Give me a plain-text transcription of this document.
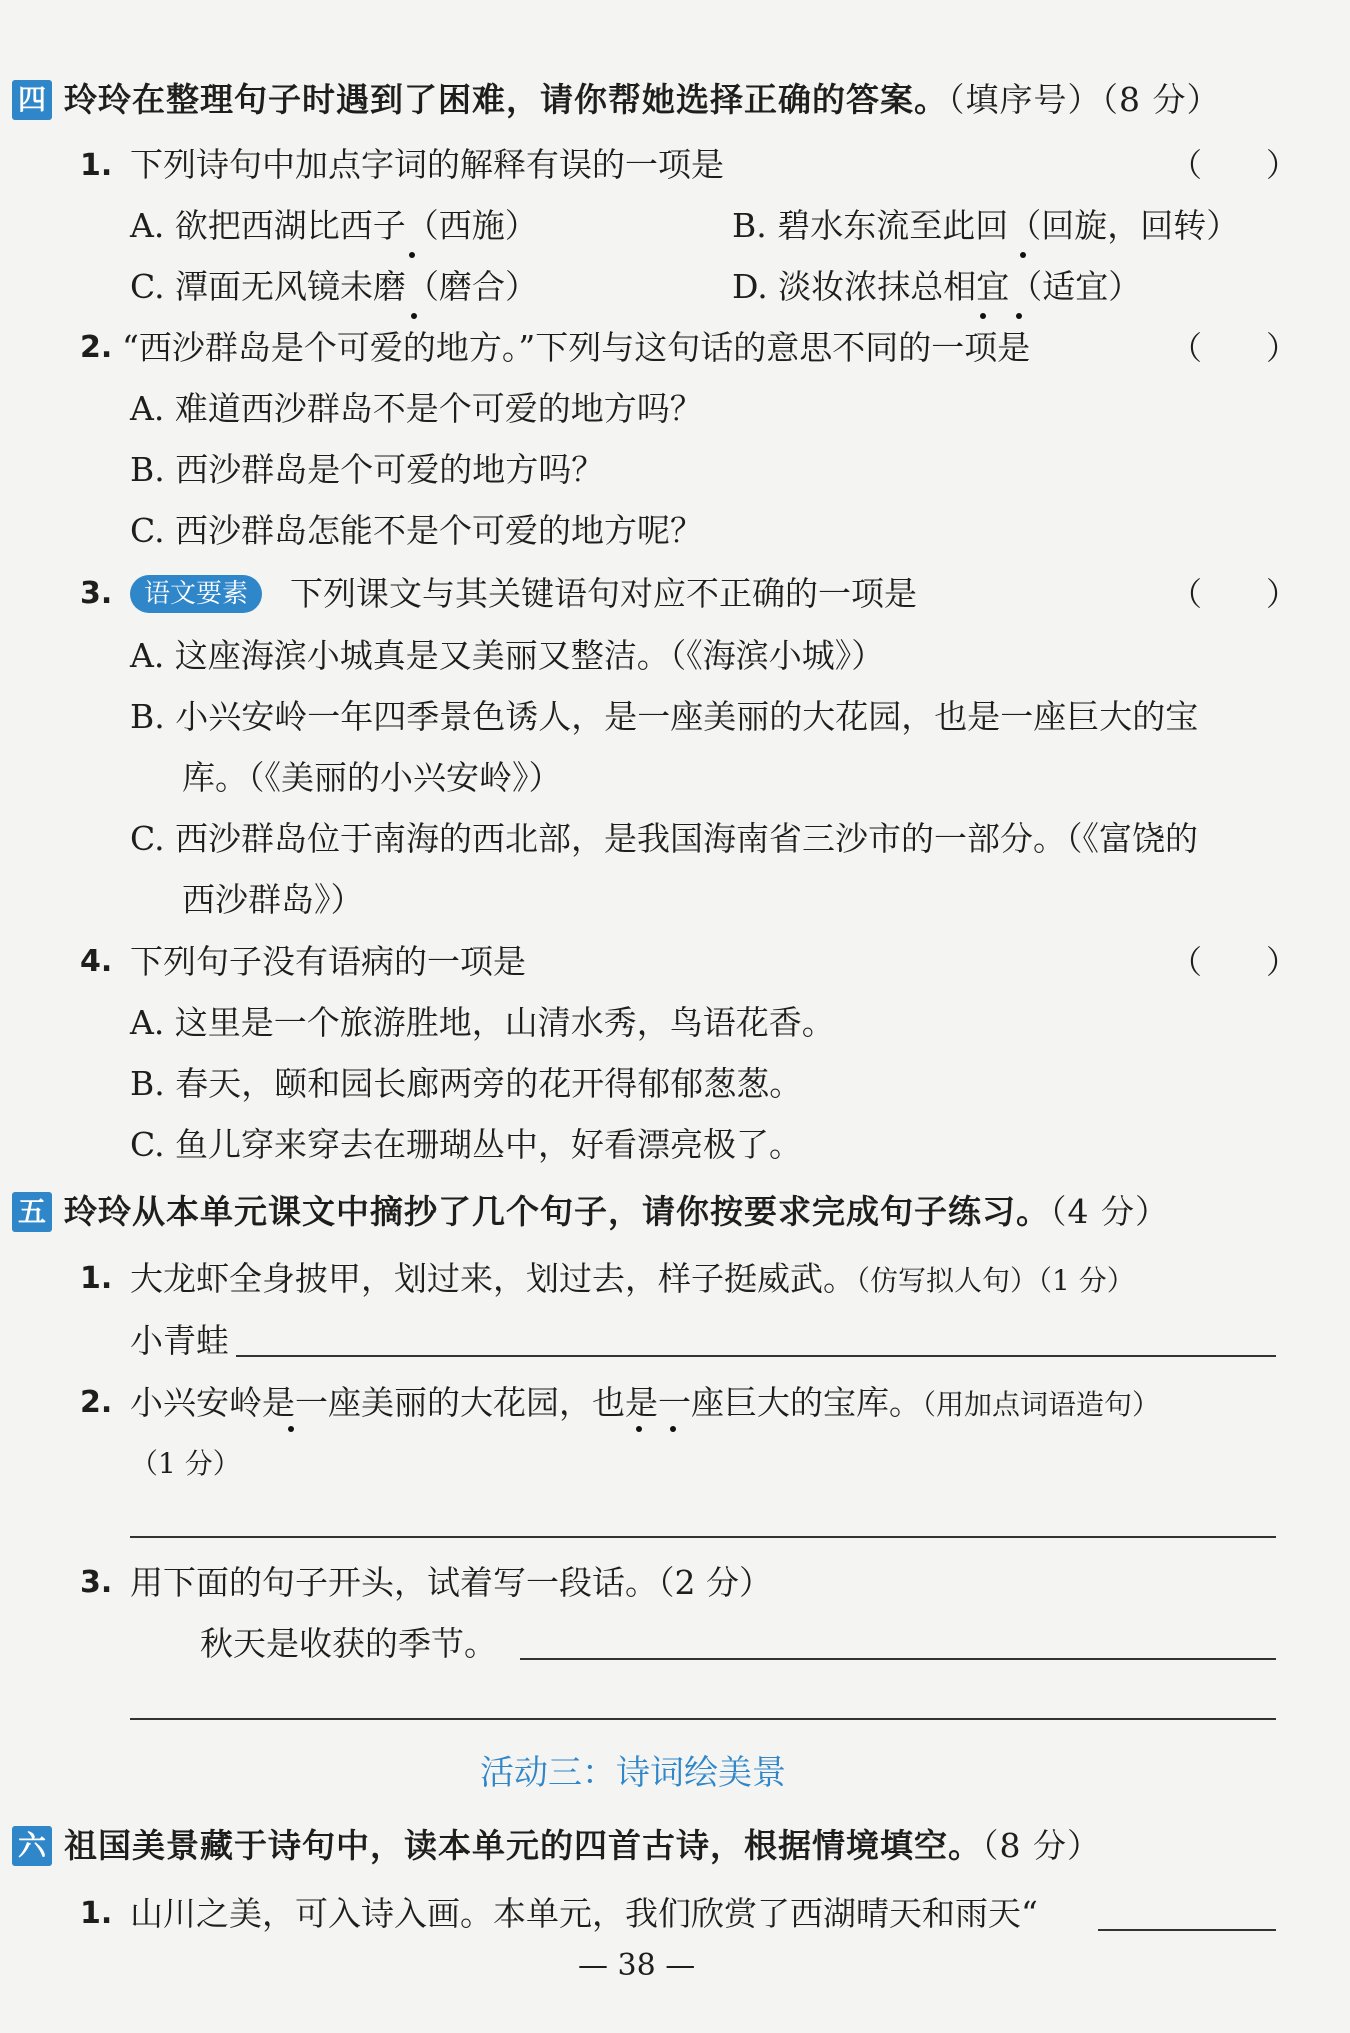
四 玲玲在整理句子时遇到了困难，请你帮她选择正确的答案。（填序号）（8 分）
1. 下列诗句中加点字词的解释有误的一项是	（　　）
A. 欲把西湖比西子（西施）	B. 碧水东流至此回（回旋，回转）
C. 潭面无风镜未磨（磨合）	D. 淡妆浓抹总相宜（适宜）
2. “西沙群岛是个可爱的地方。”下列与这句话的意思不同的一项是	（　　）
A. 难道西沙群岛不是个可爱的地方吗？
B. 西沙群岛是个可爱的地方吗？
C. 西沙群岛怎能不是个可爱的地方呢？
3.	语文要素	下列课文与其关键语句对应不正确的一项是	（　　）
A. 这座海滨小城真是又美丽又整洁。（《海滨小城》）
B. 小兴安岭一年四季景色诱人，是一座美丽的大花园，也是一座巨大的宝
库。（《美丽的小兴安岭》）
C. 西沙群岛位于南海的西北部，是我国海南省三沙市的一部分。（《富饶的
西沙群岛》）
4. 下列句子没有语病的一项是	（　　）
A. 这里是一个旅游胜地，山清水秀，鸟语花香。
B. 春天，颐和园长廊两旁的花开得郁郁葱葱。
C. 鱼儿穿来穿去在珊瑚丛中，好看漂亮极了。
五 玲玲从本单元课文中摘抄了几个句子，请你按要求完成句子练习。（4 分）
1. 大龙虾全身披甲，划过来，划过去，样子挺威武。（仿写拟人句）（1 分）
小青蛙
2. 小兴安岭是一座美丽的大花园，也是一座巨大的宝库。（用加点词语造句）
（1 分）
3. 用下面的句子开头，试着写一段话。（2 分）
秋天是收获的季节。
活动三：诗词绘美景
六 祖国美景藏于诗句中，读本单元的四首古诗，根据情境填空。（8 分）
1. 山川之美，可入诗入画。本单元，我们欣赏了西湖晴天和雨天“
— 38 —
